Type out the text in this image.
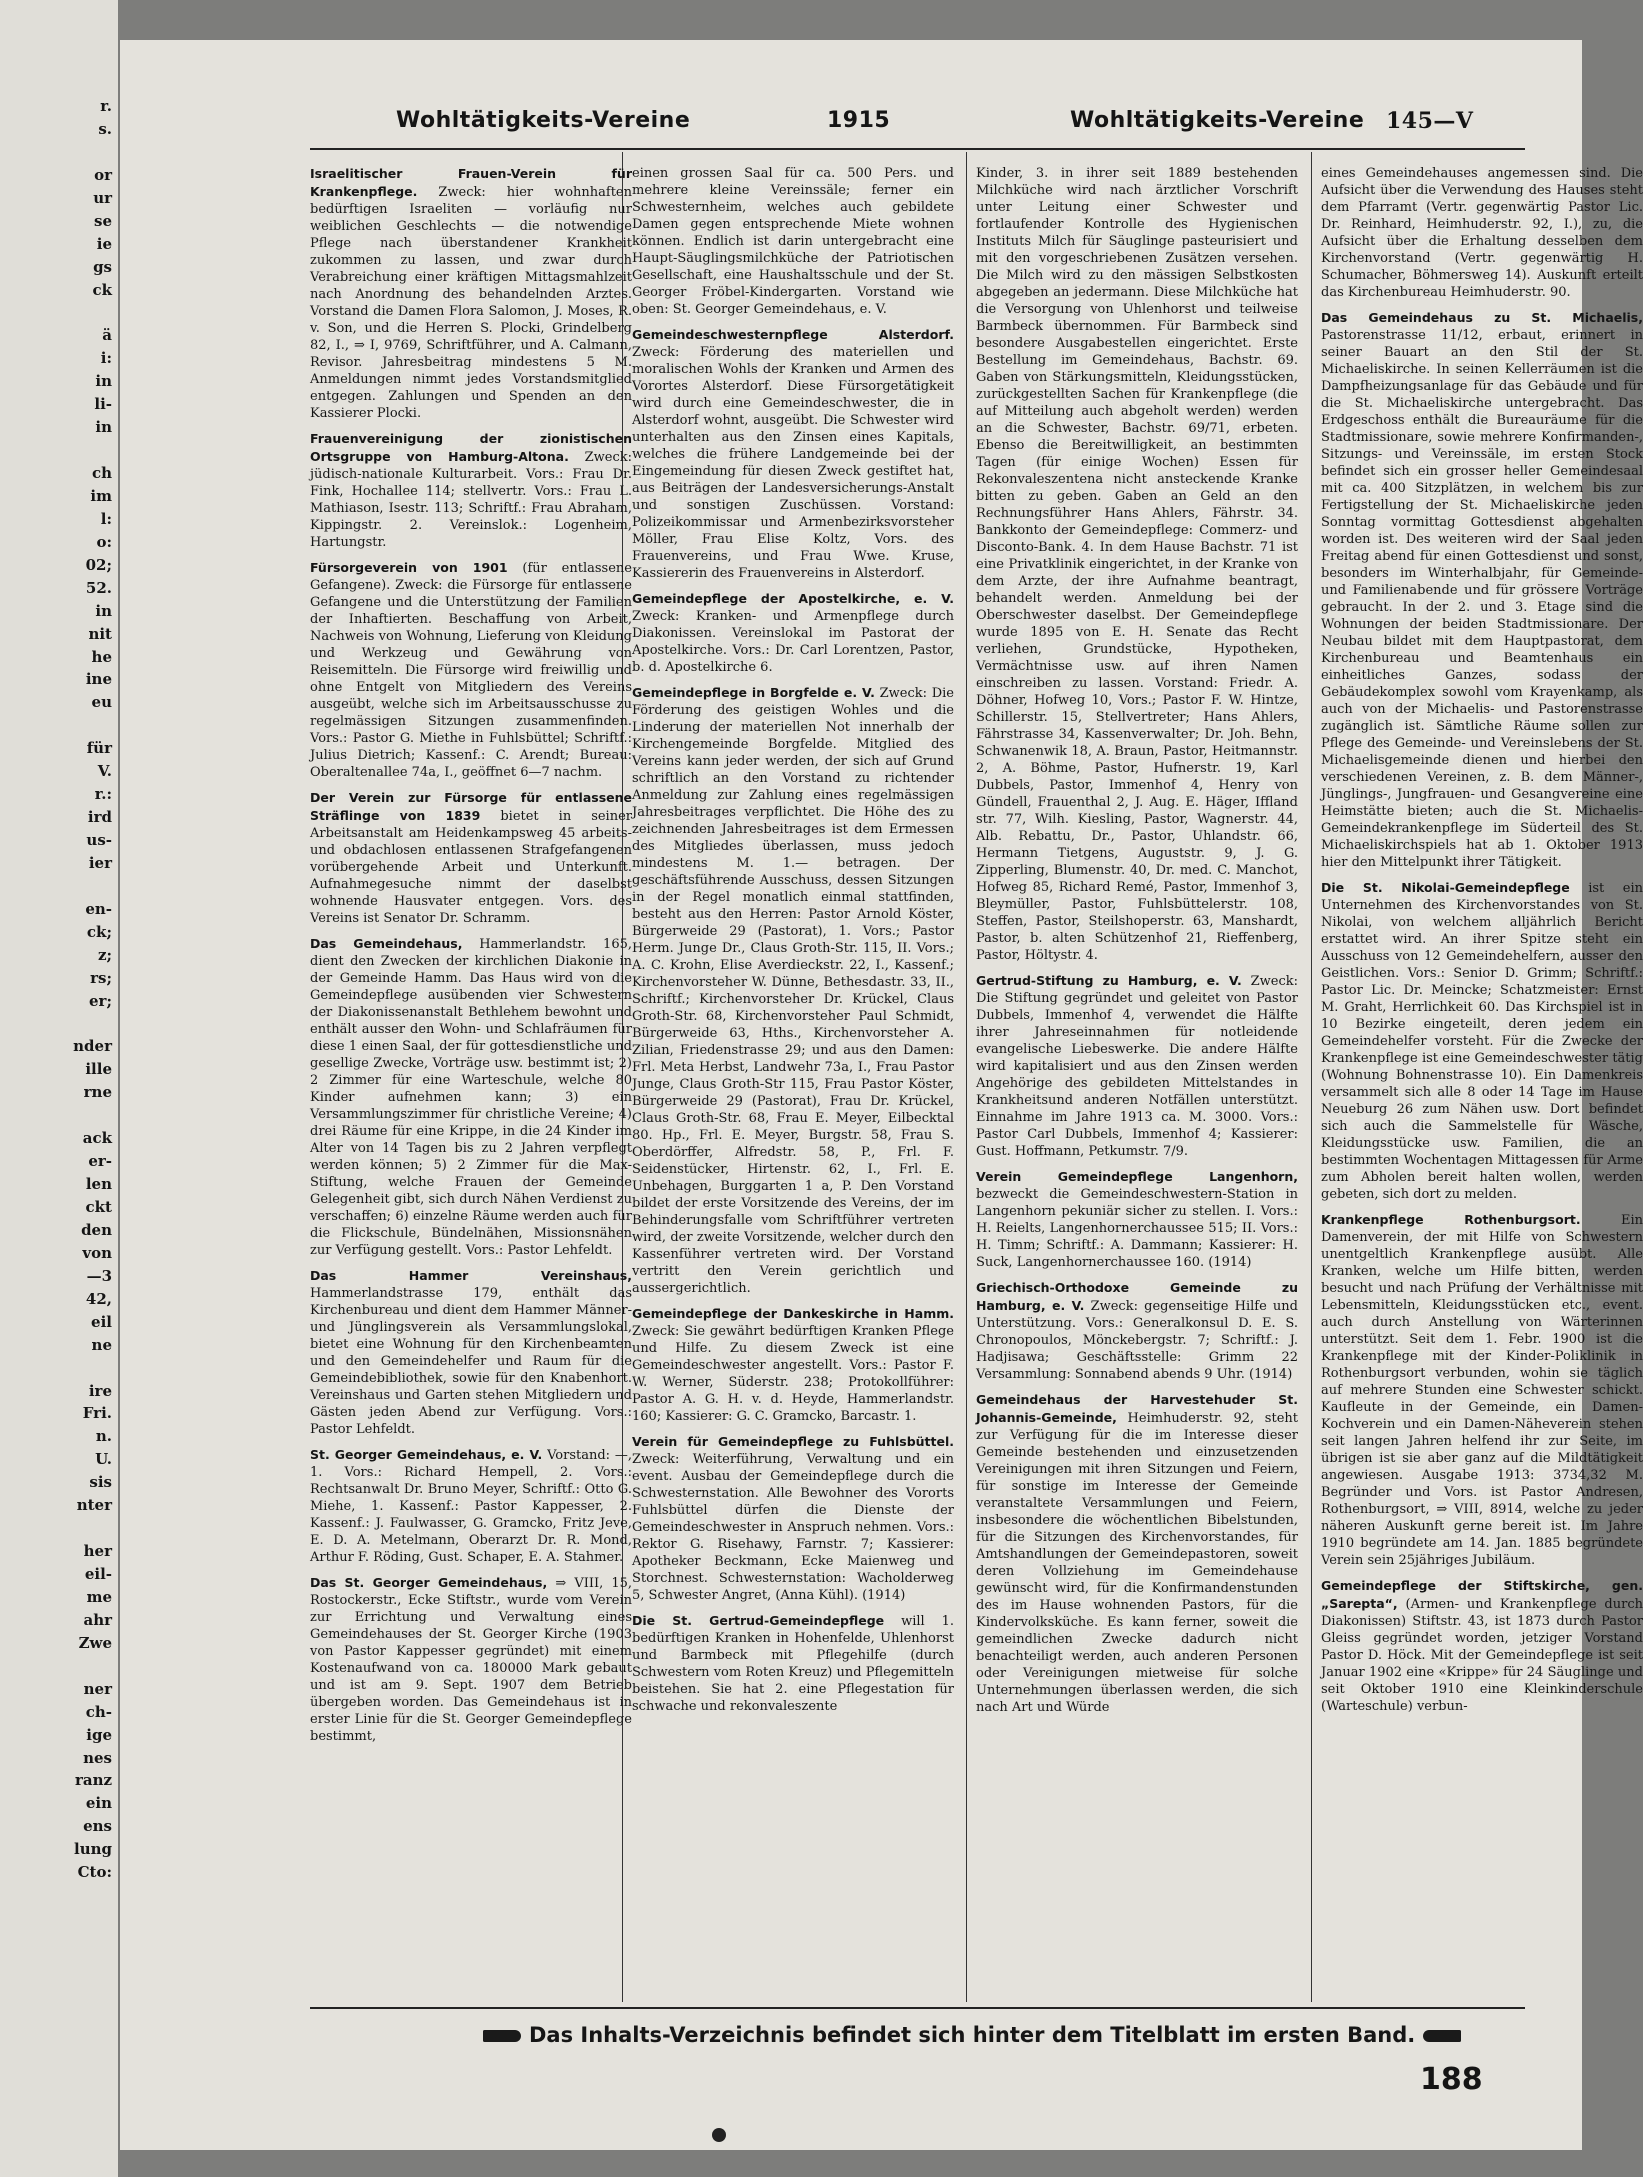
r.
s.

or
ur
se
ie
gs
ck

ä
i:
in
li-
in

ch
im
l:
o:
02;
52.
in
nit
he
ine
eu

für
V.
r.:
ird
us-
ier

en-
ck;
z;
rs;
er;

nder
ille
rne

ack
er-
len
ckt
den
von
—3
42,
eil
ne

ire
Fri.
n.
U.
sis
nter

her
eil-
me
ahr
Zwe

ner
ch-
ige
nes
ranz
ein
ens
lung
Cto:

Wohltätigkeits-Vereine	1915	Wohltätigkeits-Vereine 145—V
Israelitischer Frauen-Verein für Krankenpflege. Zweck: hier wohnhaften bedürftigen Israeliten — vorläufig nur weiblichen Geschlechts — die notwendige Pflege nach überstandener Krankheit zukommen zu lassen, und zwar durch Verabreichung einer kräftigen Mittagsmahlzeit nach Anordnung des behandelnden Arztes. Vorstand die Damen Flora Salomon, J. Moses, R. v. Son, und die Herren S. Plocki, Grindelberg 82, I., ⇒ I, 9769, Schriftführer, und A. Calmann, Revisor. Jahresbeitrag mindestens 5 M. Anmeldungen nimmt jedes Vorstandsmitglied entgegen. Zahlungen und Spenden an den Kassierer Plocki.
Frauenvereinigung der zionistischen Ortsgruppe von Hamburg-Altona. Zweck: jüdisch-nationale Kulturarbeit. Vors.: Frau Dr. Fink, Hochallee 114; stellvertr. Vors.: Frau L. Mathiason, Isestr. 113; Schriftf.: Frau Abraham, Kippingstr. 2. Vereinslok.: Logenheim, Hartungstr.
Fürsorgeverein von 1901 (für entlassene Gefangene). Zweck: die Fürsorge für entlassene Gefangene und die Unterstützung der Familien der Inhaftierten. Beschaffung von Arbeit, Nachweis von Wohnung, Lieferung von Kleidung und Werkzeug und Gewährung von Reisemitteln. Die Fürsorge wird freiwillig und ohne Entgelt von Mitgliedern des Vereins ausgeübt, welche sich im Arbeitsausschusse zu regelmässigen Sitzungen zusammenfinden. Vors.: Pastor G. Miethe in Fuhlsbüttel; Schriftf.: Julius Dietrich; Kassenf.: C. Arendt; Bureau: Oberaltenallee 74a, I., geöffnet 6—7 nachm.
Der Verein zur Fürsorge für entlassene Sträflinge von 1839 bietet in seiner Arbeitsanstalt am Heidenkampsweg 45 arbeits- und obdachlosen entlassenen Strafgefangenen vorübergehende Arbeit und Unterkunft. Aufnahmegesuche nimmt der daselbst wohnende Hausvater entgegen. Vors. des Vereins ist Senator Dr. Schramm.
Das Gemeindehaus, Hammerlandstr. 165, dient den Zwecken der kirchlichen Diakonie in der Gemeinde Hamm. Das Haus wird von die Gemeindepflege ausübenden vier Schwestern der Diakonissenanstalt Bethlehem bewohnt und enthält ausser den Wohn- und Schlafräumen für diese 1 einen Saal, der für gottesdienstliche und gesellige Zwecke, Vorträge usw. bestimmt ist; 2) 2 Zimmer für eine Warteschule, welche 80 Kinder aufnehmen kann; 3) ein Versammlungszimmer für christliche Vereine; 4) drei Räume für eine Krippe, in die 24 Kinder im Alter von 14 Tagen bis zu 2 Jahren verpflegt werden können; 5) 2 Zimmer für die Max-Stiftung, welche Frauen der Gemeinde Gelegenheit gibt, sich durch Nähen Verdienst zu verschaffen; 6) einzelne Räume werden auch für die Flickschule, Bündelnähen, Missionsnähen zur Verfügung gestellt. Vors.: Pastor Lehfeldt.
Das Hammer Vereinshaus, Hammerlandstrasse 179, enthält das Kirchenbureau und dient dem Hammer Männer- und Jünglingsverein als Versammlungslokal, bietet eine Wohnung für den Kirchenbeamten und den Gemeindehelfer und Raum für die Gemeindebibliothek, sowie für den Knabenhort. Vereinshaus und Garten stehen Mitgliedern und Gästen jeden Abend zur Verfügung. Vors.: Pastor Lehfeldt.
St. Georger Gemeindehaus, e. V. Vorstand: —, 1. Vors.: Richard Hempell, 2. Vors.: Rechtsanwalt Dr. Bruno Meyer, Schriftf.: Otto G. Miehe, 1. Kassenf.: Pastor Kappesser, 2. Kassenf.: J. Faulwasser, G. Gramcko, Fritz Jeve, E. D. A. Metelmann, Oberarzt Dr. R. Mond, Arthur F. Röding, Gust. Schaper, E. A. Stahmer.
Das St. Georger Gemeindehaus, ⇒ VIII, 15, Rostockerstr., Ecke Stiftstr., wurde vom Verein zur Errichtung und Verwaltung eines Gemeindehauses der St. Georger Kirche (1903 von Pastor Kappesser gegründet) mit einem Kostenaufwand von ca. 180000 Mark gebaut und ist am 9. Sept. 1907 dem Betrieb übergeben worden. Das Gemeindehaus ist in erster Linie für die St. Georger Gemeindepflege bestimmt,
einen grossen Saal für ca. 500 Pers. und mehrere kleine Vereinssäle; ferner ein Schwesternheim, welches auch gebildete Damen gegen entsprechende Miete wohnen können. Endlich ist darin untergebracht eine Haupt-Säuglingsmilchküche der Patriotischen Gesellschaft, eine Haushaltsschule und der St. Georger Fröbel-Kindergarten. Vorstand wie oben: St. Georger Gemeindehaus, e. V.
Gemeindeschwesternpflege Alsterdorf. Zweck: Förderung des materiellen und moralischen Wohls der Kranken und Armen des Vorortes Alsterdorf. Diese Fürsorgetätigkeit wird durch eine Gemeindeschwester, die in Alsterdorf wohnt, ausgeübt. Die Schwester wird unterhalten aus den Zinsen eines Kapitals, welches die frühere Landgemeinde bei der Eingemeindung für diesen Zweck gestiftet hat, aus Beiträgen der Landesversicherungs-Anstalt und sonstigen Zuschüssen. Vorstand: Polizeikommissar und Armenbezirksvorsteher Möller, Frau Elise Koltz, Vors. des Frauenvereins, und Frau Wwe. Kruse, Kassiererin des Frauenvereins in Alsterdorf.
Gemeindepflege der Apostelkirche, e. V. Zweck: Kranken- und Armenpflege durch Diakonissen. Vereinslokal im Pastorat der Apostelkirche. Vors.: Dr. Carl Lorentzen, Pastor, b. d. Apostelkirche 6.
Gemeindepflege in Borgfelde e. V. Zweck: Die Förderung des geistigen Wohles und die Linderung der materiellen Not innerhalb der Kirchengemeinde Borgfelde. Mitglied des Vereins kann jeder werden, der sich auf Grund schriftlich an den Vorstand zu richtender Anmeldung zur Zahlung eines regelmässigen Jahresbeitrages verpflichtet. Die Höhe des zu zeichnenden Jahresbeitrages ist dem Ermessen des Mitgliedes überlassen, muss jedoch mindestens M. 1.— betragen. Der geschäftsführende Ausschuss, dessen Sitzungen in der Regel monatlich einmal stattfinden, besteht aus den Herren: Pastor Arnold Köster, Bürgerweide 29 (Pastorat), 1. Vors.; Pastor Herm. Junge Dr., Claus Groth-Str. 115, II. Vors.; A. C. Krohn, Elise Averdieckstr. 22, I., Kassenf.; Kirchenvorsteher W. Dünne, Bethesdastr. 33, II., Schriftf.; Kirchenvorsteher Dr. Krückel, Claus Groth-Str. 68, Kirchenvorsteher Paul Schmidt, Bürgerweide 63, Hths., Kirchenvorsteher A. Zilian, Friedenstrasse 29; und aus den Damen: Frl. Meta Herbst, Landwehr 73a, I., Frau Pastor Junge, Claus Groth-Str 115, Frau Pastor Köster, Bürgerweide 29 (Pastorat), Frau Dr. Krückel, Claus Groth-Str. 68, Frau E. Meyer, Eilbecktal 80. Hp., Frl. E. Meyer, Burgstr. 58, Frau S. Oberdörffer, Alfredstr. 58, P., Frl. F. Seidenstücker, Hirtenstr. 62, I., Frl. E. Unbehagen, Burggarten 1 a, P. Den Vorstand bildet der erste Vorsitzende des Vereins, der im Behinderungsfalle vom Schriftführer vertreten wird, der zweite Vorsitzende, welcher durch den Kassenführer vertreten wird. Der Vorstand vertritt den Verein gerichtlich und aussergerichtlich.
Gemeindepflege der Dankeskirche in Hamm. Zweck: Sie gewährt bedürftigen Kranken Pflege und Hilfe. Zu diesem Zweck ist eine Gemeindeschwester angestellt. Vors.: Pastor F. W. Werner, Süderstr. 238; Protokollführer: Pastor A. G. H. v. d. Heyde, Hammerlandstr. 160; Kassierer: G. C. Gramcko, Barcastr. 1.
Verein für Gemeindepflege zu Fuhlsbüttel. Zweck: Weiterführung, Verwaltung und ein event. Ausbau der Gemeindepflege durch die Schwesternstation. Alle Bewohner des Vororts Fuhlsbüttel dürfen die Dienste der Gemeindeschwester in Anspruch nehmen. Vors.: Rektor G. Risehawy, Farnstr. 7; Kassierer: Apotheker Beckmann, Ecke Maienweg und Storchnest. Schwesternstation: Wacholderweg 5, Schwester Angret, (Anna Kühl). (1914)
Die St. Gertrud-Gemeindepflege will 1. bedürftigen Kranken in Hohenfelde, Uhlenhorst und Barmbeck mit Pflegehilfe (durch Schwestern vom Roten Kreuz) und Pflegemitteln beistehen. Sie hat 2. eine Pflegestation für schwache und rekonvaleszente
Kinder, 3. in ihrer seit 1889 bestehenden Milchküche wird nach ärztlicher Vorschrift unter Leitung einer Schwester und fortlaufender Kontrolle des Hygienischen Instituts Milch für Säuglinge pasteurisiert und mit den vorgeschriebenen Zusätzen versehen. Die Milch wird zu den mässigen Selbstkosten abgegeben an jedermann. Diese Milchküche hat die Versorgung von Uhlenhorst und teilweise Barmbeck übernommen. Für Barmbeck sind besondere Ausgabestellen eingerichtet. Erste Bestellung im Gemeindehaus, Bachstr. 69. Gaben von Stärkungsmitteln, Kleidungsstücken, zurückgestellten Sachen für Krankenpflege (die auf Mitteilung auch abgeholt werden) werden an die Schwester, Bachstr. 69/71, erbeten. Ebenso die Bereitwilligkeit, an bestimmten Tagen (für einige Wochen) Essen für Rekonvaleszentena nicht ansteckende Kranke bitten zu geben. Gaben an Geld an den Rechnungsführer Hans Ahlers, Fährstr. 34. Bankkonto der Gemeindepflege: Commerz- und Disconto-Bank. 4. In dem Hause Bachstr. 71 ist eine Privatklinik eingerichtet, in der Kranke von dem Arzte, der ihre Aufnahme beantragt, behandelt werden. Anmeldung bei der Oberschwester daselbst. Der Gemeindepflege wurde 1895 von E. H. Senate das Recht verliehen, Grundstücke, Hypotheken, Vermächtnisse usw. auf ihren Namen einschreiben zu lassen. Vorstand: Friedr. A. Döhner, Hofweg 10, Vors.; Pastor F. W. Hintze, Schillerstr. 15, Stellvertreter; Hans Ahlers, Fährstrasse 34, Kassenverwalter; Dr. Joh. Behn, Schwanenwik 18, A. Braun, Pastor, Heitmannstr. 2, A. Böhme, Pastor, Hufnerstr. 19, Karl Dubbels, Pastor, Immenhof 4, Henry von Gündell, Frauenthal 2, J. Aug. E. Häger, Iffland str. 77, Wilh. Kiesling, Pastor, Wagnerstr. 44, Alb. Rebattu, Dr., Pastor, Uhlandstr. 66, Hermann Tietgens, Auguststr. 9, J. G. Zipperling, Blumenstr. 40, Dr. med. C. Manchot, Hofweg 85, Richard Remé, Pastor, Immenhof 3, Bleymüller, Pastor, Fuhlsbüttelerstr. 108, Steffen, Pastor, Steilshoperstr. 63, Manshardt, Pastor, b. alten Schützenhof 21, Rieffenberg, Pastor, Höltystr. 4.
Gertrud-Stiftung zu Hamburg, e. V. Zweck: Die Stiftung gegründet und geleitet von Pastor Dubbels, Immenhof 4, verwendet die Hälfte ihrer Jahreseinnahmen für notleidende evangelische Liebeswerke. Die andere Hälfte wird kapitalisiert und aus den Zinsen werden Angehörige des gebildeten Mittelstandes in Krankheitsund anderen Notfällen unterstützt. Einnahme im Jahre 1913 ca. M. 3000. Vors.: Pastor Carl Dubbels, Immenhof 4; Kassierer: Gust. Hoffmann, Petkumstr. 7/9.
Verein Gemeindepflege Langenhorn, bezweckt die Gemeindeschwestern-Station in Langenhorn pekuniär sicher zu stellen. I. Vors.: H. Reielts, Langenhornerchaussee 515; II. Vors.: H. Timm; Schriftf.: A. Dammann; Kassierer: H. Suck, Langenhornerchaussee 160. (1914)
Griechisch-Orthodoxe Gemeinde zu Hamburg, e. V. Zweck: gegenseitige Hilfe und Unterstützung. Vors.: Generalkonsul D. E. S. Chronopoulos, Mönckebergstr. 7; Schriftf.: J. Hadjisawa; Geschäftsstelle: Grimm 22 Versammlung: Sonnabend abends 9 Uhr. (1914)
Gemeindehaus der Harvestehuder St. Johannis-Gemeinde, Heimhuderstr. 92, steht zur Verfügung für die im Interesse dieser Gemeinde bestehenden und einzusetzenden Vereinigungen mit ihren Sitzungen und Feiern, für sonstige im Interesse der Gemeinde veranstaltete Versammlungen und Feiern, insbesondere die wöchentlichen Bibelstunden, für die Sitzungen des Kirchenvorstandes, für Amtshandlungen der Gemeindepastoren, soweit deren Vollziehung im Gemeindehause gewünscht wird, für die Konfirmandenstunden des im Hause wohnenden Pastors, für die Kindervolksküche. Es kann ferner, soweit die gemeindlichen Zwecke dadurch nicht benachteiligt werden, auch anderen Personen oder Vereinigungen mietweise für solche Unternehmungen überlassen werden, die sich nach Art und Würde
eines Gemeindehauses angemessen sind. Die Aufsicht über die Verwendung des Hauses steht dem Pfarramt (Vertr. gegenwärtig Pastor Lic. Dr. Reinhard, Heimhuderstr. 92, I.), zu, die Aufsicht über die Erhaltung desselben dem Kirchenvorstand (Vertr. gegenwärtig H. Schumacher, Böhmersweg 14). Auskunft erteilt das Kirchenbureau Heimhuderstr. 90.
Das Gemeindehaus zu St. Michaelis, Pastorenstrasse 11/12, erbaut, erinnert in seiner Bauart an den Stil der St. Michaeliskirche. In seinen Kellerräumen ist die Dampfheizungsanlage für das Gebäude und für die St. Michaeliskirche untergebracht. Das Erdgeschoss enthält die Bureauräume für die Stadtmissionare, sowie mehrere Konfirmanden-, Sitzungs- und Vereinssäle, im ersten Stock befindet sich ein grosser heller Gemeindesaal mit ca. 400 Sitzplätzen, in welchem bis zur Fertigstellung der St. Michaeliskirche jeden Sonntag vormittag Gottesdienst abgehalten worden ist. Des weiteren wird der Saal jeden Freitag abend für einen Gottesdienst und sonst, besonders im Winterhalbjahr, für Gemeinde- und Familienabende und für grössere Vorträge gebraucht. In der 2. und 3. Etage sind die Wohnungen der beiden Stadtmissionare. Der Neubau bildet mit dem Hauptpastorat, dem Kirchenbureau und Beamtenhaus ein einheitliches Ganzes, sodass der Gebäudekomplex sowohl vom Krayenkamp, als auch von der Michaelis- und Pastorenstrasse zugänglich ist. Sämtliche Räume sollen zur Pflege des Gemeinde- und Vereinslebens der St. Michaelisgemeinde dienen und hierbei den verschiedenen Vereinen, z. B. dem Männer-, Jünglings-, Jungfrauen- und Gesangvereine eine Heimstätte bieten; auch die St. Michaelis-Gemeindekrankenpflege im Süderteil des St. Michaeliskirchspiels hat ab 1. Oktober 1913 hier den Mittelpunkt ihrer Tätigkeit.
Die St. Nikolai-Gemeindepflege ist ein Unternehmen des Kirchenvorstandes von St. Nikolai, von welchem alljährlich Bericht erstattet wird. An ihrer Spitze steht ein Ausschuss von 12 Gemeindehelfern, ausser den Geistlichen. Vors.: Senior D. Grimm; Schriftf.: Pastor Lic. Dr. Meincke; Schatzmeister: Ernst M. Graht, Herrlichkeit 60. Das Kirchspiel ist in 10 Bezirke eingeteilt, deren jedem ein Gemeindehelfer vorsteht. Für die Zwecke der Krankenpflege ist eine Gemeindeschwester tätig (Wohnung Bohnenstrasse 10). Ein Damenkreis versammelt sich alle 8 oder 14 Tage im Hause Neueburg 26 zum Nähen usw. Dort befindet sich auch die Sammelstelle für Wäsche, Kleidungsstücke usw. Familien, die an bestimmten Wochentagen Mittagessen für Arme zum Abholen bereit halten wollen, werden gebeten, sich dort zu melden.
Krankenpflege Rothenburgsort.	Ein Damenverein, der mit Hilfe von Schwestern unentgeltlich Krankenpflege ausübt. Alle Kranken, welche um Hilfe bitten, werden besucht und nach Prüfung der Verhältnisse mit Lebensmitteln, Kleidungsstücken etc., event. auch durch Anstellung von Wärterinnen unterstützt. Seit dem 1. Febr. 1900 ist die Krankenpflege mit der Kinder-Poliklinik in Rothenburgsort verbunden, wohin sie täglich auf mehrere Stunden eine Schwester schickt. Kaufleute in der Gemeinde, ein Damen-Kochverein und ein Damen-Näheverein stehen seit langen Jahren helfend ihr zur Seite, im übrigen ist sie aber ganz auf die Mildtätigkeit angewiesen. Ausgabe 1913: 3734,32 M. Begründer und Vors. ist Pastor Andresen, Rothenburgsort, ⇒ VIII, 8914, welche zu jeder näheren Auskunft gerne bereit ist. Im Jahre 1910 begründete am 14. Jan. 1885 begründete Verein sein 25jähriges Jubiläum.
Gemeindepflege der Stiftskirche, gen. „Sarepta“, (Armen- und Krankenpflege durch Diakonissen) Stiftstr. 43, ist 1873 durch Pastor Gleiss gegründet worden, jetziger Vorstand Pastor D. Höck. Mit der Gemeindepflege ist seit Januar 1902 eine «Krippe» für 24 Säuglinge und seit Oktober 1910 eine Kleinkinderschule (Warteschule) verbun-
Das Inhalts-Verzeichnis befindet sich hinter dem Titelblatt im ersten Band.
188
